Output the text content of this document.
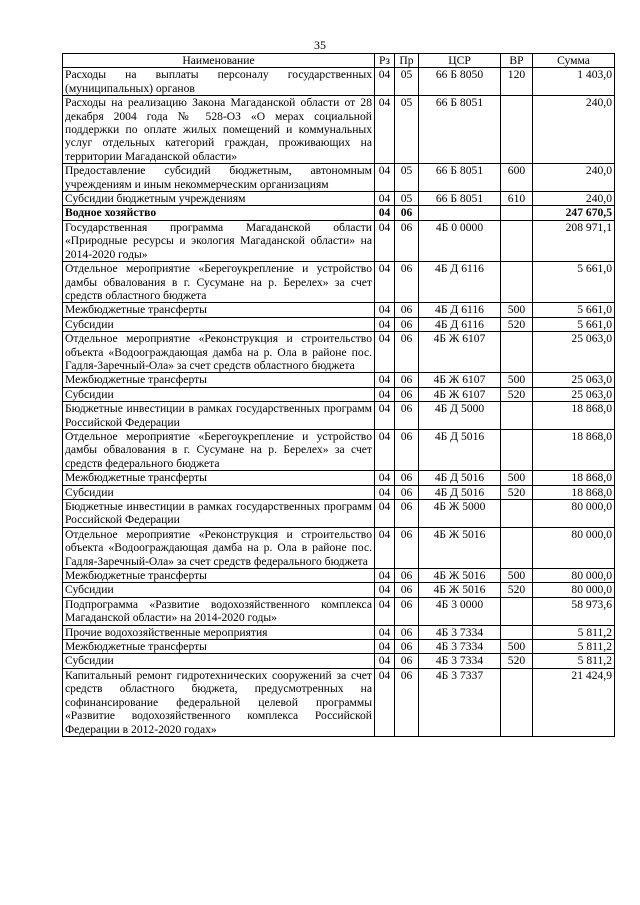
35
Наименование	Рз	Пр	ЦСР	ВР	Сумма
Расходы на выплаты персоналу государственных (муниципальных) органов	04	05	66 Б 8050	120	1 403,0
Расходы на реализацию Закона Магаданской области от 28 декабря 2004 года № 528-ОЗ «О мерах социальной поддержки по оплате жилых помещений и коммунальных услуг отдельных категорий граждан, проживающих на территории Магаданской области»	04	05	66 Б 8051		240,0
Предоставление субсидий бюджетным, автономным учреждениям и иным некоммерческим организациям	04	05	66 Б 8051	600	240,0
Субсидии бюджетным учреждениям	04	05	66 Б 8051	610	240,0
Водное хозяйство	04	06			247 670,5
Государственная программа Магаданской области «Природные ресурсы и экология Магаданской области» на 2014-2020 годы»	04	06	4Б 0 0000		208 971,1
Отдельное мероприятие «Берегоукрепление и устройство дамбы обвалования в г. Сусумане на р. Берелех» за счет средств областного бюджета	04	06	4Б Д 6116		5 661,0
Межбюджетные трансферты	04	06	4Б Д 6116	500	5 661,0
Субсидии	04	06	4Б Д 6116	520	5 661,0
Отдельное мероприятие «Реконструкция и строительство объекта «Водоограждающая дамба на р. Ола в районе пос. Гадля-Заречный-Ола» за счет средств областного бюджета	04	06	4Б Ж 6107		25 063,0
Межбюджетные трансферты	04	06	4Б Ж 6107	500	25 063,0
Субсидии	04	06	4Б Ж 6107	520	25 063,0
Бюджетные инвестиции в рамках государственных программ Российской Федерации	04	06	4Б Д 5000		18 868,0
Отдельное мероприятие «Берегоукрепление и устройство дамбы обвалования в г. Сусумане на р. Берелех» за счет средств федерального бюджета	04	06	4Б Д 5016		18 868,0
Межбюджетные трансферты	04	06	4Б Д 5016	500	18 868,0
Субсидии	04	06	4Б Д 5016	520	18 868,0
Бюджетные инвестиции в рамках государственных программ Российской Федерации	04	06	4Б Ж 5000		80 000,0
Отдельное мероприятие «Реконструкция и строительство объекта «Водоограждающая дамба на р. Ола в районе пос. Гадля-Заречный-Ола» за счет средств федерального бюджета	04	06	4Б Ж 5016		80 000,0
Межбюджетные трансферты	04	06	4Б Ж 5016	500	80 000,0
Субсидии	04	06	4Б Ж 5016	520	80 000,0
Подпрограмма «Развитие водохозяйственного комплекса Магаданской области» на 2014-2020 годы»	04	06	4Б 3 0000		58 973,6
Прочие водохозяйственные мероприятия	04	06	4Б 3 7334		5 811,2
Межбюджетные трансферты	04	06	4Б 3 7334	500	5 811,2
Субсидии	04	06	4Б 3 7334	520	5 811,2
Капитальный ремонт гидротехнических сооружений за счет средств областного бюджета, предусмотренных на софинансирование федеральной целевой программы «Развитие водохозяйственного комплекса Российской Федерации в 2012-2020 годах»	04	06	4Б 3 7337		21 424,9
